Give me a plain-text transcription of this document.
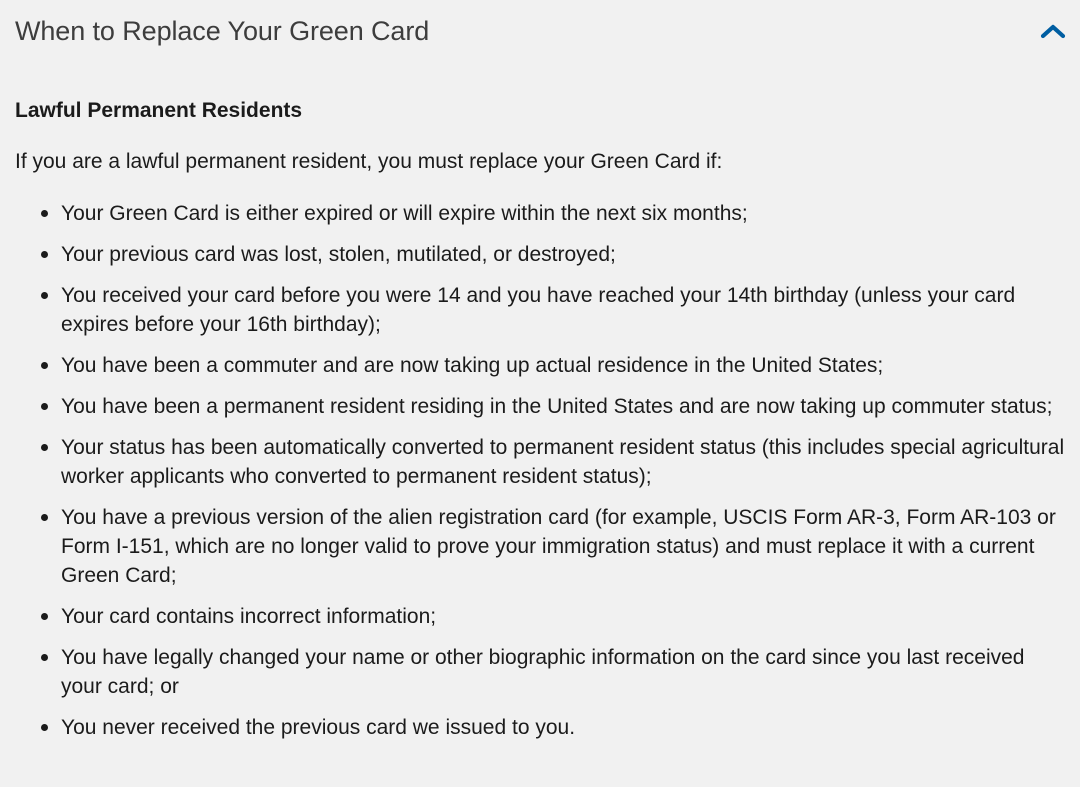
When to Replace Your Green Card
Lawful Permanent Residents

If you are a lawful permanent resident, you must replace your Green Card if:

Your Green Card is either expired or will expire within the next six months;
Your previous card was lost, stolen, mutilated, or destroyed;
You received your card before you were 14 and you have reached your 14th birthday (unless your card expires before your 16th birthday);
You have been a commuter and are now taking up actual residence in the United States;
You have been a permanent resident residing in the United States and are now taking up commuter status;
Your status has been automatically converted to permanent resident status (this includes special agricultural worker applicants who converted to permanent resident status);
You have a previous version of the alien registration card (for example, USCIS Form AR-3, Form AR-103 or Form I-151, which are no longer valid to prove your immigration status) and must replace it with a current Green Card;
Your card contains incorrect information;
You have legally changed your name or other biographic information on the card since you last received your card; or
You never received the previous card we issued to you.
